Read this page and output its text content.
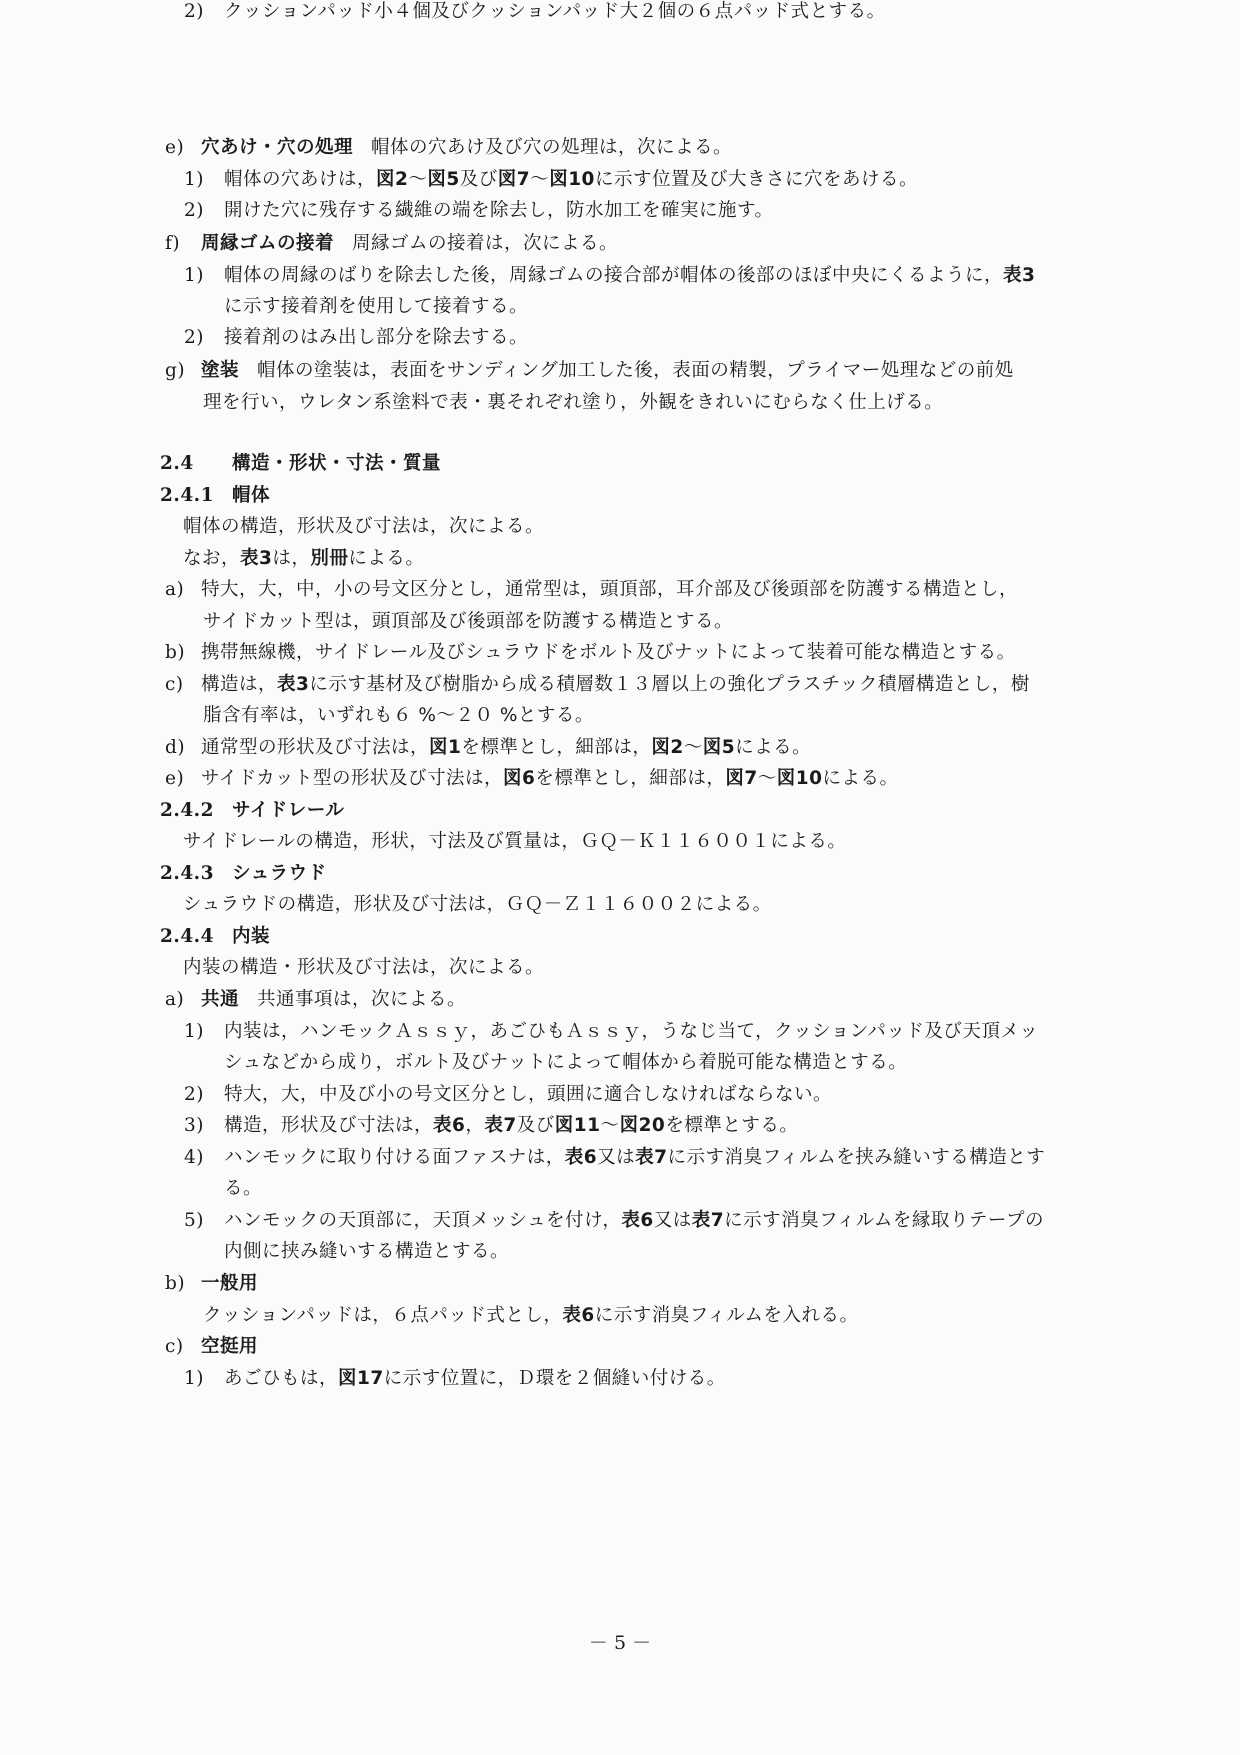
e) 穴あけ・穴の処理 帽体の穴あけ及び穴の処理は，次による。
1) 帽体の穴あけは，図2～図5及び図7～図10に示す位置及び大きさに穴をあける。
2) 開けた穴に残存する繊維の端を除去し，防水加工を確実に施す。
f) 周縁ゴムの接着 周縁ゴムの接着は，次による。
1) 帽体の周縁のばりを除去した後，周縁ゴムの接合部が帽体の後部のほぼ中央にくるように，表3
に示す接着剤を使用して接着する。
2) 接着剤のはみ出し部分を除去する。
g) 塗装 帽体の塗装は，表面をサンディング加工した後，表面の精製，プライマー処理などの前処
理を行い，ウレタン系塗料で表・裏それぞれ塗り，外観をきれいにむらなく仕上げる。
2.4 構造・形状・寸法・質量
2.4.1 帽体
帽体の構造，形状及び寸法は，次による。
なお，表3は，別冊による。
a) 特大，大，中，小の号文区分とし，通常型は，頭頂部，耳介部及び後頭部を防護する構造とし，
サイドカット型は，頭頂部及び後頭部を防護する構造とする。
b) 携帯無線機，サイドレール及びシュラウドをボルト及びナットによって装着可能な構造とする。
c) 構造は，表3に示す基材及び樹脂から成る積層数１３層以上の強化プラスチック積層構造とし，樹
脂含有率は，いずれも６ %～２０ %とする。
d) 通常型の形状及び寸法は，図1を標準とし，細部は，図2～図5による。
e) サイドカット型の形状及び寸法は，図6を標準とし，細部は，図7～図10による。
2.4.2 サイドレール
サイドレールの構造，形状，寸法及び質量は，ＧＱ－Ｋ１１６００１による。
2.4.3 シュラウド
シュラウドの構造，形状及び寸法は，ＧＱ－Ｚ１１６００２による。
2.4.4 内装
内装の構造・形状及び寸法は，次による。
a) 共通 共通事項は，次による。
1) 内装は，ハンモックＡｓｓｙ，あごひもＡｓｓｙ，うなじ当て，クッションパッド及び天頂メッ
シュなどから成り，ボルト及びナットによって帽体から着脱可能な構造とする。
2) 特大，大，中及び小の号文区分とし，頭囲に適合しなければならない。
3) 構造，形状及び寸法は，表6，表7及び図11～図20を標準とする。
4) ハンモックに取り付ける面ファスナは，表6又は表7に示す消臭フィルムを挟み縫いする構造とす
る。
5) ハンモックの天頂部に，天頂メッシュを付け，表6又は表7に示す消臭フィルムを縁取りテープの
内側に挟み縫いする構造とする。
b) 一般用
クッションパッドは，６点パッド式とし，表6に示す消臭フィルムを入れる。
c) 空挺用
1) あごひもは，図17に示す位置に，Ｄ環を２個縫い付ける。
2) クッションパッド小４個及びクッションパッド大２個の６点パッド式とする。
－ 5 －
